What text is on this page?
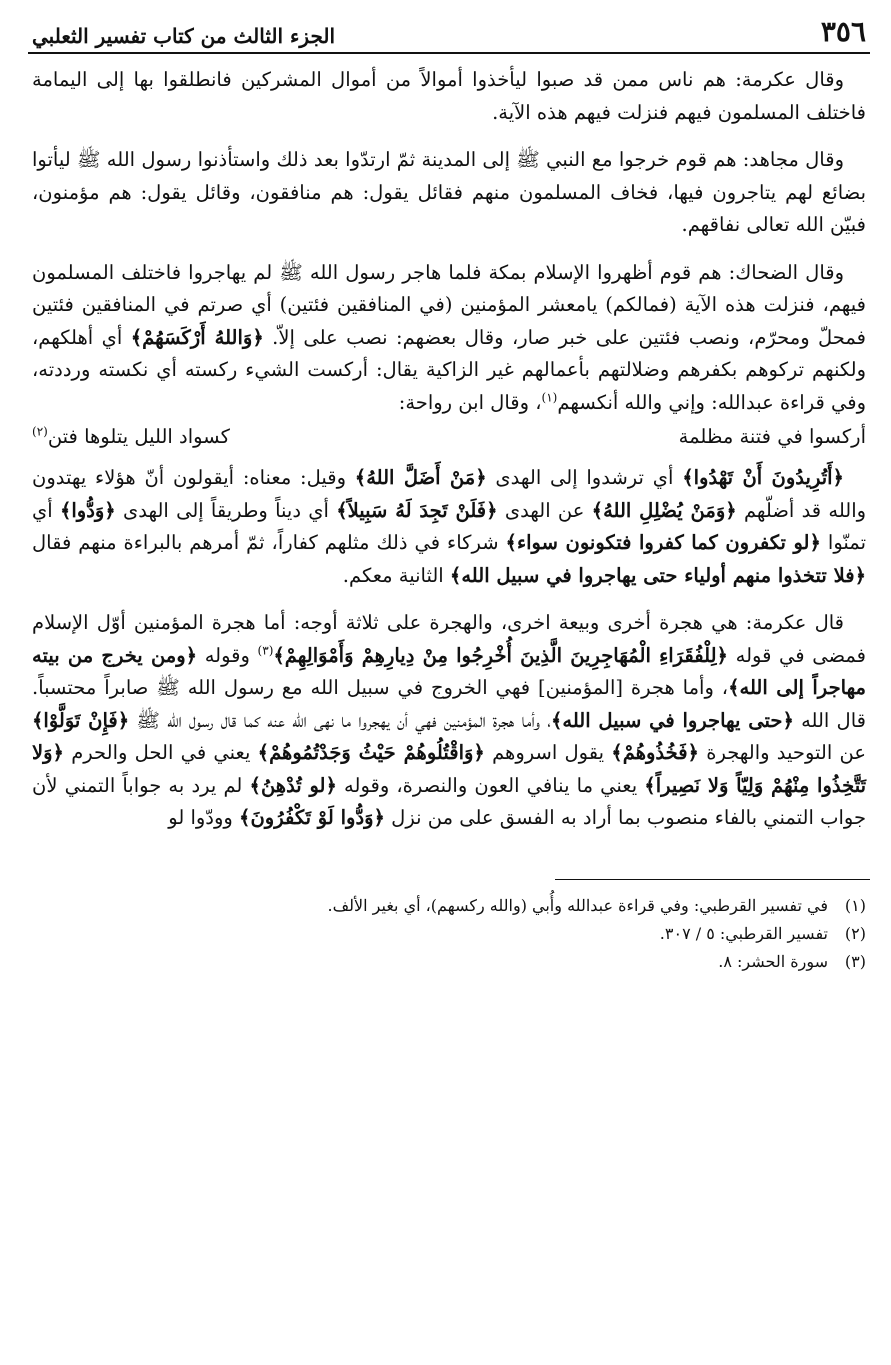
٣٥٦
الجزء الثالث من كتاب تفسير الثعلبي

وقال عكرمة: هم ناس ممن قد صبوا ليأخذوا أموالاً من أموال المشركين فانطلقوا بها إلى اليمامة فاختلف المسلمون فيهم فنزلت فيهم هذه الآية.

وقال مجاهد: هم قوم خرجوا مع النبي ﷺ إلى المدينة ثمّ ارتدّوا بعد ذلك واستأذنوا رسول الله ﷺ ليأتوا بضائع لهم يتاجرون فيها، فخاف المسلمون منهم فقائل يقول: هم منافقون، وقائل يقول: هم مؤمنون، فبيّن الله تعالى نفاقهم.

وقال الضحاك: هم قوم أظهروا الإسلام بمكة فلما هاجر رسول الله ﷺ لم يهاجروا فاختلف المسلمون فيهم، فنزلت هذه الآية (فمالكم) يامعشر المؤمنين (في المنافقين فئتين) أي صرتم في المنافقين فئتين فمحلّ ومحرّم، ونصب فئتين على خبر صار، وقال بعضهم: نصب على إلاّ. ﴿وَاللهُ أَرْكَسَهُمْ﴾ أي أهلكهم، ولكنهم تركوهم بكفرهم وضلالتهم بأعمالهم غير الزاكية يقال: أركست الشيء ركسته أي نكسته ورددته، وفي قراءة عبدالله: وإني والله أنكسهم$^{(١)}$، وقال ابن رواحة:

أركسوا في فتنة مظلمة
كسواد الليل يتلوها فتن$^{(٢)}$

﴿أَتُرِيدُونَ أَنْ تَهْدُوا﴾ أي ترشدوا إلى الهدى ﴿مَنْ أَضَلَّ اللهُ﴾ وقيل: معناه: أيقولون أنّ هؤلاء يهتدون والله قد أضلّهم ﴿وَمَنْ يُضْلِلِ اللهُ﴾ عن الهدى ﴿فَلَنْ تَجِدَ لَهُ سَبِيلاً﴾ أي ديناً وطريقاً إلى الهدى ﴿وَدُّوا﴾ أي تمنّوا ﴿لو تكفرون كما كفروا فتكونون سواء﴾ شركاء في ذلك مثلهم كفاراً، ثمّ أمرهم بالبراءة منهم فقال ﴿فلا تتخذوا منهم أولياء حتى يهاجروا في سبيل الله﴾ الثانية معكم.

قال عكرمة: هي هجرة أخرى وبيعة اخرى، والهجرة على ثلاثة أوجه: أما هجرة المؤمنين أوّل الإسلام فمضى في قوله ﴿لِلْفُقَرَاءِ الْمُهَاجِرِينَ الَّذِينَ أُخْرِجُوا مِنْ دِيارِهِمْ وَأَمْوَالِهِمْ﴾$^{(٣)}$ وقوله ﴿ومن يخرج من بيته مهاجراً إلى الله﴾، وأما هجرة [المؤمنين] فهي الخروج في سبيل الله مع رسول الله ﷺ صابراً محتسباً. قال الله ﴿حتى يهاجروا في سبيل الله﴾، وأما هجرة المؤمنين فهي أن يهجروا ما نهى الله عنه كما قال رسول الله ﷺ ﴿فَإِنْ تَوَلَّوْا﴾ عن التوحيد والهجرة ﴿فَخُذُوهُمْ﴾ يقول اسروهم ﴿وَاقْتُلُوهُمْ حَيْثُ وَجَدْتُمُوهُمْ﴾ يعني في الحل والحرم ﴿وَلا تَتَّخِذُوا مِنْهُمْ وَلِيّاً وَلا نَصِيراً﴾ يعني ما ينافي العون والنصرة، وقوله ﴿لو تُدْهِنُ﴾ لم يرد به جواباً التمني لأن جواب التمني بالفاء منصوب بما أراد به الفسق على من نزل ﴿وَدُّوا لَوْ تَكْفُرُونَ﴾ وودّوا لو

(١)
في تفسير القرطبي: وفي قراءة عبدالله وأُبي (والله ركسهم)، أي بغير الألف.
(٢)
تفسير القرطبي: ٥ / ٣٠٧.
(٣)
سورة الحشر: ٨.
